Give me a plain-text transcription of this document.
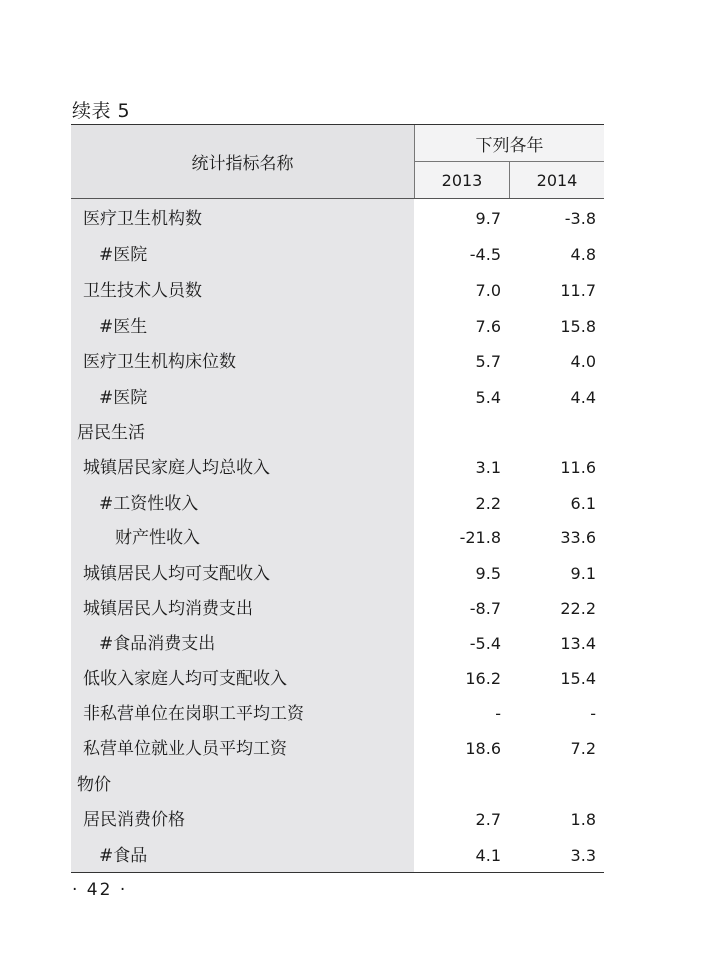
续表 5
统计指标名称
下列各年
2013	2014
医疗卫生机构数	9.7	-3.8
#医院	-4.5	4.8
卫生技术人员数	7.0	11.7
#医生	7.6	15.8
医疗卫生机构床位数	5.7	4.0
#医院	5.4	4.4
居民生活
城镇居民家庭人均总收入	3.1	11.6
#工资性收入	2.2	6.1
财产性收入	-21.8	33.6
城镇居民人均可支配收入	9.5	9.1
城镇居民人均消费支出	-8.7	22.2
#食品消费支出	-5.4	13.4
低收入家庭人均可支配收入	16.2	15.4
非私营单位在岗职工平均工资	-	-
私营单位就业人员平均工资	18.6	7.2
物价
居民消费价格	2.7	1.8
#食品	4.1	3.3
· 42 ·
